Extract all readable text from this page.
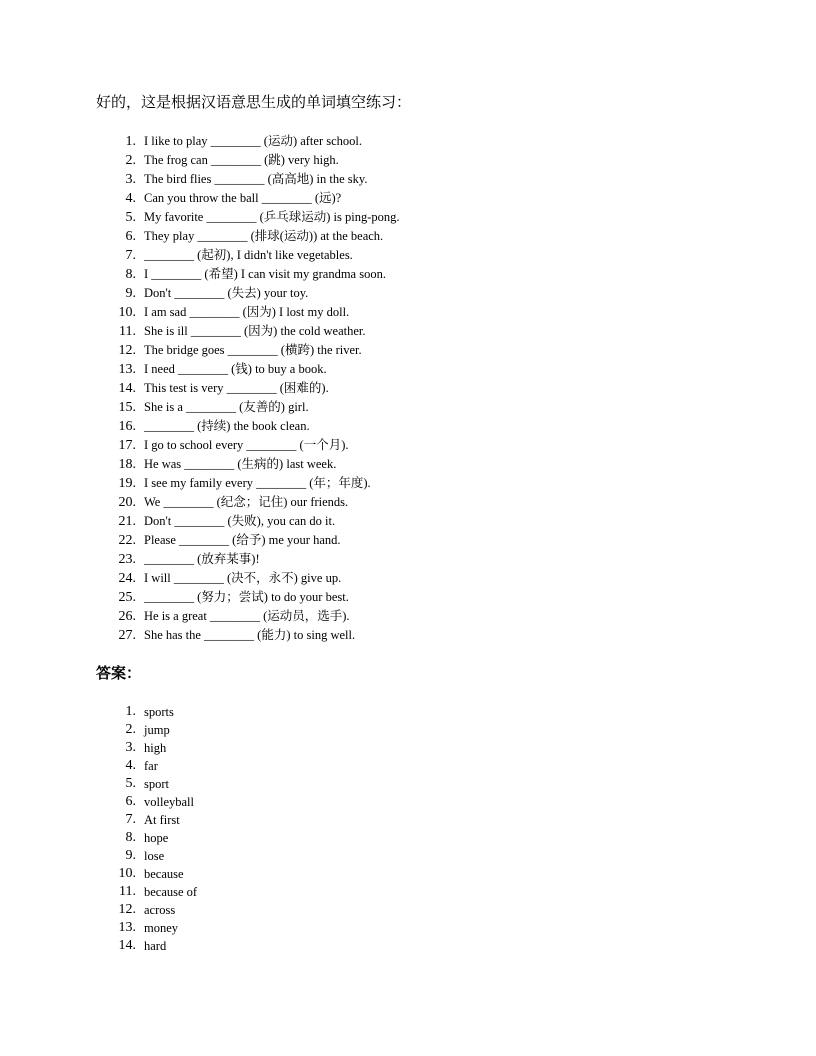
好的，这是根据汉语意思生成的单词填空练习：

1. I like to play ________ (运动) after school.
2. The frog can ________ (跳) very high.
3. The bird flies ________ (高高地) in the sky.
4. Can you throw the ball ________ (远)?
5. My favorite ________ (乒乓球运动) is ping-pong.
6. They play ________ (排球(运动)) at the beach.
7. ________ (起初), I didn't like vegetables.
8. I ________ (希望) I can visit my grandma soon.
9. Don't ________ (失去) your toy.
10. I am sad ________ (因为) I lost my doll.
11. She is ill ________ (因为) the cold weather.
12. The bridge goes ________ (横跨) the river.
13. I need ________ (钱) to buy a book.
14. This test is very ________ (困难的).
15. She is a ________ (友善的) girl.
16. ________ (持续) the book clean.
17. I go to school every ________ (一个月).
18. He was ________ (生病的) last week.
19. I see my family every ________ (年；年度).
20. We ________ (纪念；记住) our friends.
21. Don't ________ (失败), you can do it.
22. Please ________ (给予) me your hand.
23. ________ (放弃某事)!
24. I will ________ (决不，永不) give up.
25. ________ (努力；尝试) to do your best.
26. He is a great ________ (运动员，选手).
27. She has the ________ (能力) to sing well.
答案：
1. sports
2. jump
3. high
4. far
5. sport
6. volleyball
7. At first
8. hope
9. lose
10. because
11. because of
12. across
13. money
14. hard
